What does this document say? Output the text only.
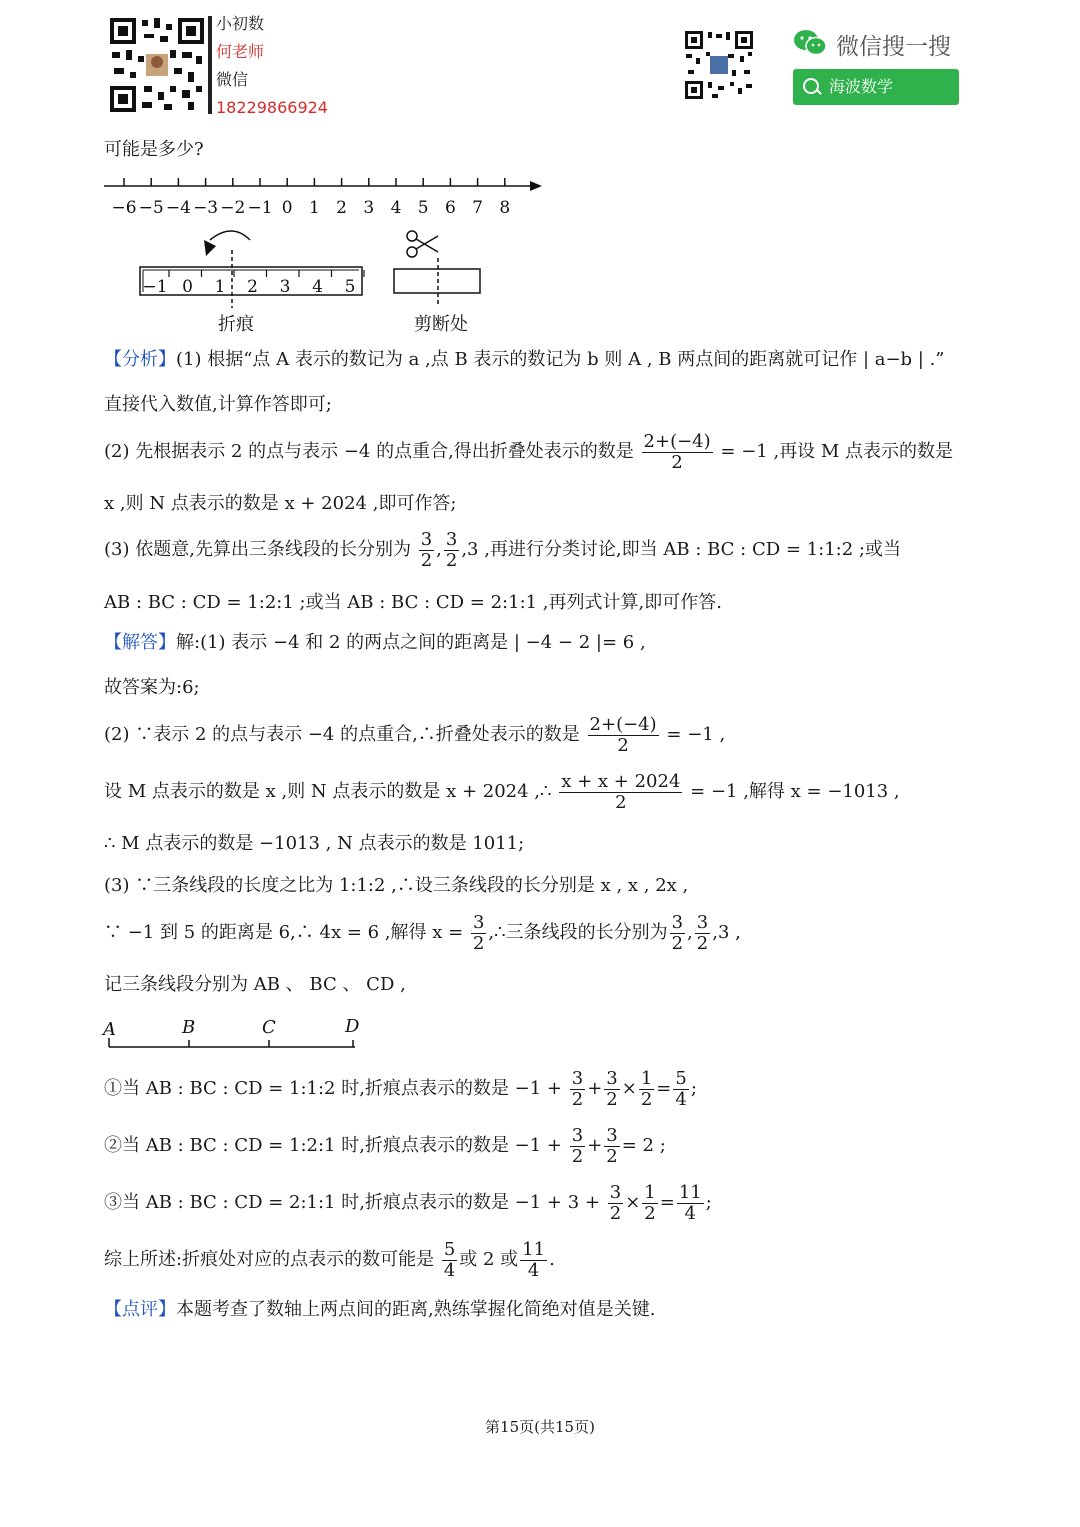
小初数
何老师
微信
18229866924
微信搜一搜
海波数学
可能是多少?
−6 −5 −4 −3 −2 −1 0 1 2 3 4 5 6 7 8
−1 0 1 2 3 4 5
折痕	剪断处
【分析】(1) 根据“点 A 表示的数记为 a ,点 B 表示的数记为 b 则 A , B 两点间的距离就可记作 | a−b | .”
直接代入数值,计算作答即可;
(2) 先根据表示 2 的点与表示 −4 的点重合,得出折叠处表示的数是 $\frac{2+(-4)}{2} = -1$ ,再设 M 点表示的数是
x ,则 N 点表示的数是 x + 2024 ,即可作答;
(3) 依题意,先算出三条线段的长分别为 $\frac{3}{2}$ , $\frac{3}{2} ,3$ ,再进行分类讨论,即当 AB : BC : CD = 1:1:2 ;或当
AB : BC : CD = 1:2:1 ;或当 AB : BC : CD = 2:1:1 ,再列式计算,即可作答.
【解答】解:(1) 表示 −4 和 2 的两点之间的距离是 | −4 − 2 |= 6 ,
故答案为:6;
(2) ∵表示 2 的点与表示 −4 的点重合,∴折叠处表示的数是 $\frac{2+(-4)}{2} = -1$ ,
设 M 点表示的数是 x ,则 N 点表示的数是 x + 2024 ,∴ $\frac{x + x + 2024}{2} = -1$ ,解得 x = −1013 ,
∴ M 点表示的数是 −1013 , N 点表示的数是 1011;
(3) ∵三条线段的长度之比为 1:1:2 ,∴设三条线段的长分别是 x , x , 2x ,
∵ −1 到 5 的距离是 6,∴ 4x = 6 ,解得 $x = \frac{3}{2}$ ,∴三条线段的长分别为 $\frac{3}{2}$ , $\frac{3}{2} ,3$ ,
记三条线段分别为 AB 、 BC 、 CD ,
A	B	C	D
①当 AB : BC : CD = 1:1:2 时,折痕点表示的数是 $-1 + \frac{3}{2} + \frac{3}{2} \times \frac{1}{2} = \frac{5}{4}$ ;
②当 AB : BC : CD = 1:2:1 时,折痕点表示的数是 $-1 + \frac{3}{2} + \frac{3}{2} = 2$ ;
③当 AB : BC : CD = 2:1:1 时,折痕点表示的数是 $-1 + 3 + \frac{3}{2} \times \frac{1}{2} = \frac{11}{4}$ ;
综上所述:折痕处对应的点表示的数可能是 $\frac{5}{4}$ 或 2 或 $\frac{11}{4}$ .
【点评】本题考查了数轴上两点间的距离,熟练掌握化简绝对值是关键.
第15页(共15页)
